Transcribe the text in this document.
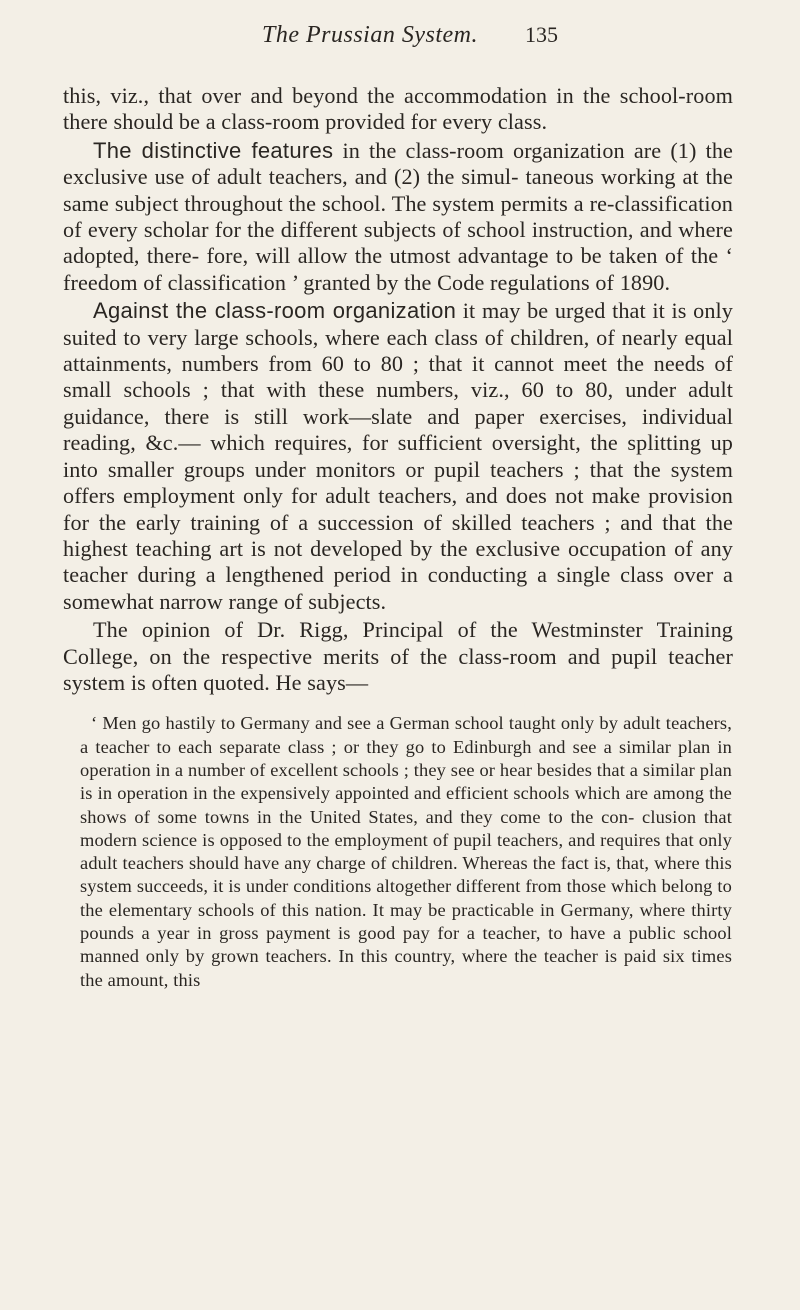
The Prussian System. 135

this, viz., that over and beyond the accommodation in the school-room there should be a class-room provided for every class.

The distinctive features in the class-room organization are (1) the exclusive use of adult teachers, and (2) the simul- taneous working at the same subject throughout the school. The system permits a re-classification of every scholar for the different subjects of school instruction, and where adopted, there- fore, will allow the utmost advantage to be taken of the ‘ freedom of classification ’ granted by the Code regulations of 1890.

Against the class-room organization it may be urged that it is only suited to very large schools, where each class of children, of nearly equal attainments, numbers from 60 to 80 ; that it cannot meet the needs of small schools ; that with these numbers, viz., 60 to 80, under adult guidance, there is still work—slate and paper exercises, individual reading, &c.— which requires, for sufficient oversight, the splitting up into smaller groups under monitors or pupil teachers ; that the system offers employment only for adult teachers, and does not make provision for the early training of a succession of skilled teachers ; and that the highest teaching art is not developed by the exclusive occupation of any teacher during a lengthened period in conducting a single class over a somewhat narrow range of subjects.

The opinion of Dr. Rigg, Principal of the Westminster Training College, on the respective merits of the class-room and pupil teacher system is often quoted. He says—

‘ Men go hastily to Germany and see a German school taught only by adult teachers, a teacher to each separate class ; or they go to Edinburgh and see a similar plan in operation in a number of excellent schools ; they see or hear besides that a similar plan is in operation in the expensively appointed and efficient schools which are among the shows of some towns in the United States, and they come to the con- clusion that modern science is opposed to the employment of pupil teachers, and requires that only adult teachers should have any charge of children. Whereas the fact is, that, where this system succeeds, it is under conditions altogether different from those which belong to the elementary schools of this nation. It may be practicable in Germany, where thirty pounds a year in gross payment is good pay for a teacher, to have a public school manned only by grown teachers. In this country, where the teacher is paid six times the amount, this
